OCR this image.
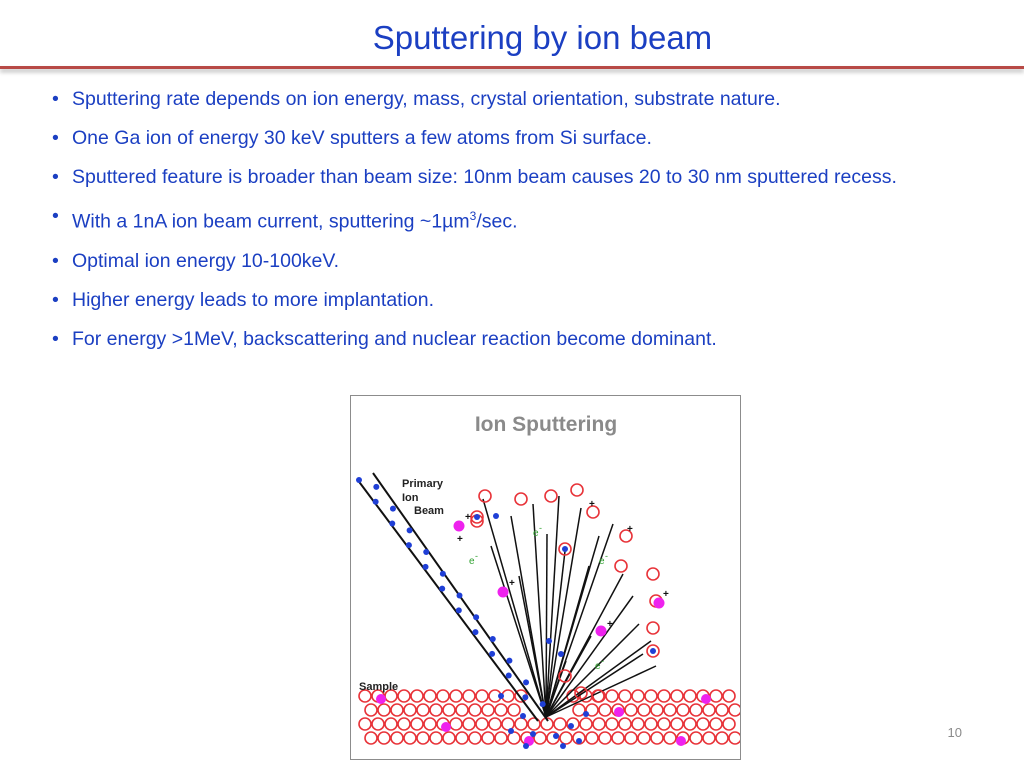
Sputtering by ion beam
• Sputtering rate depends on ion energy, mass, crystal orientation, substrate nature.
• One Ga ion of energy 30 keV sputters a few atoms from Si surface.
• Sputtered feature is broader than beam size: 10nm beam causes 20 to 30 nm sputtered recess.
• With a 1nA ion beam current, sputtering ~1µm$^3$/sec.
• Optimal ion energy 10-100keV.
• Higher energy leads to more implantation.
• For energy >1MeV, backscattering and nuclear reaction become dominant.
Ion Sputtering
e -
e -	e -
e -
+
+
+
+
+
+
+
Primary
Ion
Beam
Sample
10
